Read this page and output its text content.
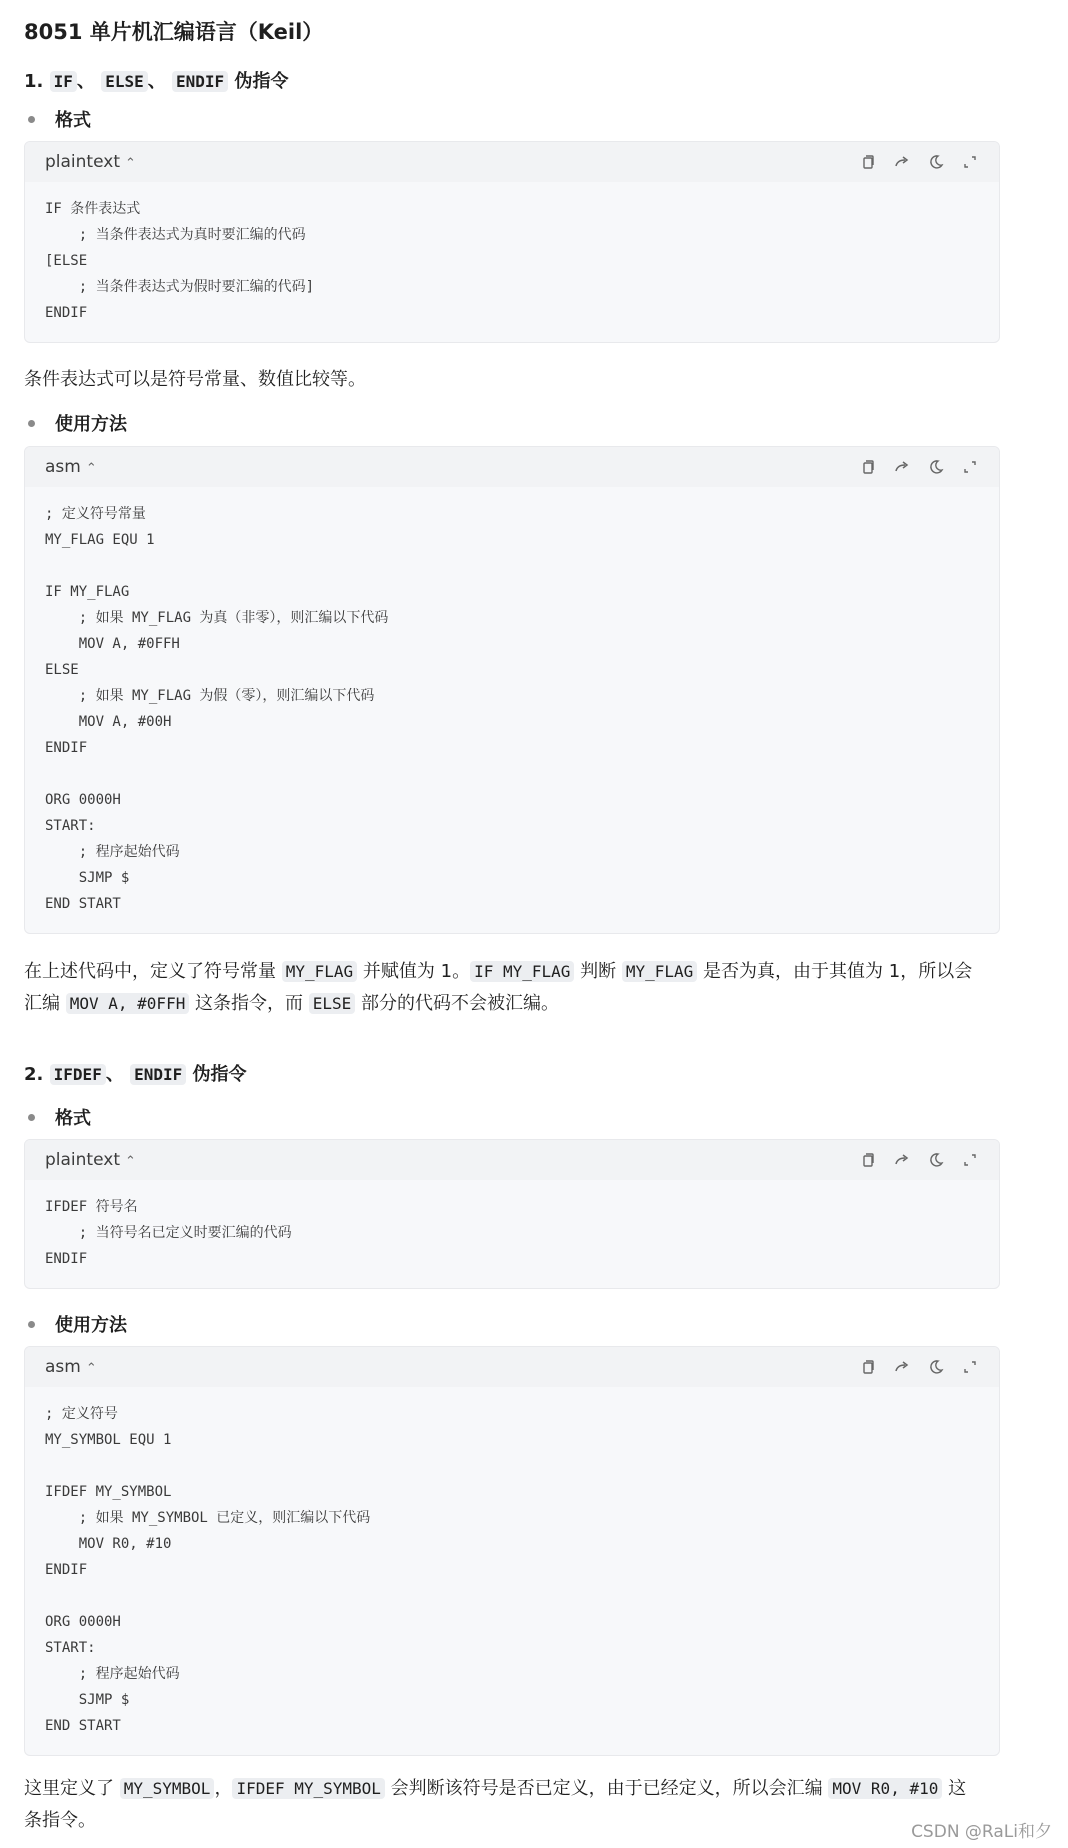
8051 单片机汇编语言（Keil）
1. IF 、 ELSE 、 ENDIF 伪指令
格式
plaintext ⌃
IF 条件表达式
; 当条件表达式为真时要汇编的代码
[ELSE
; 当条件表达式为假时要汇编的代码]
ENDIF
条件表达式可以是符号常量、数值比较等。
使用方法
asm ⌃
; 定义符号常量
MY_FLAG EQU 1

IF MY_FLAG
; 如果 MY_FLAG 为真（非零），则汇编以下代码
MOV A, #0FFH
ELSE
; 如果 MY_FLAG 为假（零），则汇编以下代码
MOV A, #00H
ENDIF

ORG 0000H
START:
; 程序起始代码
SJMP $
END START
在上述代码中，定义了符号常量 MY_FLAG 并赋值为 1。 IF MY_FLAG 判断 MY_FLAG 是否为真，由于其值为 1，所以会汇编 MOV A, #0FFH 这条指令，而 ELSE 部分的代码不会被汇编。
2. IFDEF 、 ENDIF 伪指令
格式
plaintext ⌃
IFDEF 符号名
; 当符号名已定义时要汇编的代码
ENDIF
使用方法
asm ⌃
; 定义符号
MY_SYMBOL EQU 1

IFDEF MY_SYMBOL
; 如果 MY_SYMBOL 已定义，则汇编以下代码
MOV R0, #10
ENDIF

ORG 0000H
START:
; 程序起始代码
SJMP $
END START
这里定义了 MY_SYMBOL ， IFDEF MY_SYMBOL 会判断该符号是否已定义，由于已经定义，所以会汇编 MOV R0, #10 这条指令。
CSDN @RaLi和夕
